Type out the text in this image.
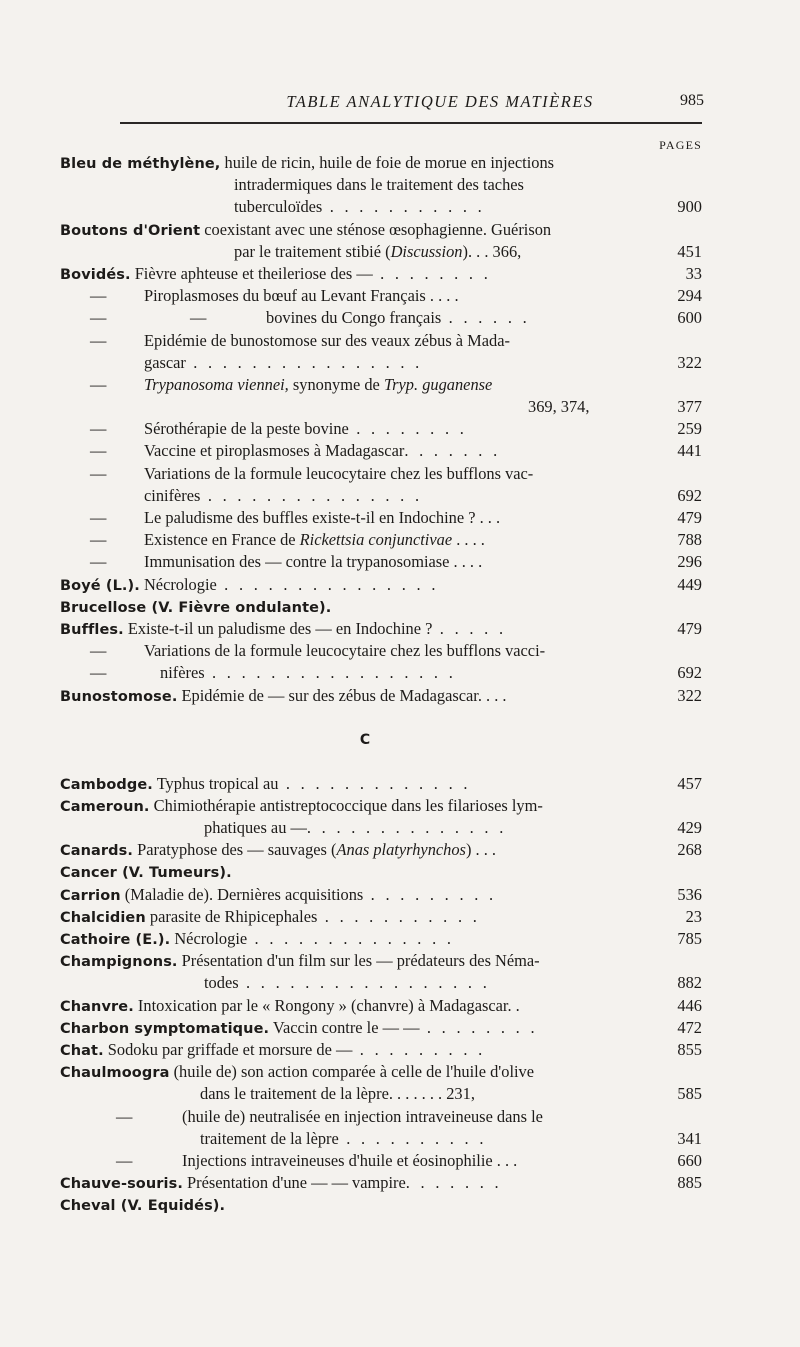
TABLE ANALYTIQUE DES MATIÈRES	985
PAGES
Bleu de méthylène, huile de ricin, huile de foie de morue en injections
intradermiques dans le traitement des taches
tuberculoïdes . . . . . . . . . . .	900
Boutons d'Orient coexistant avec une sténose œsophagienne. Guérison
par le traitement stibié (Discussion). . . 366,	451
Bovidés. Fièvre aphteuse et theileriose des — . . . . . . . .	33
— Piroplasmoses du bœuf au Levant Français . . . .	294
—	—	bovines du Congo français . . . . . .	600
— Epidémie de bunostomose sur des veaux zébus à Mada-
gascar . . . . . . . . . . . . . . . .	322
— Trypanosoma viennei, synonyme de Tryp. guganense
369, 374,	377
— Sérothérapie de la peste bovine . . . . . . . .	259
— Vaccine et piroplasmoses à Madagascar. . . . . . .	441
— Variations de la formule leucocytaire chez les bufflons vac-
cinifères . . . . . . . . . . . . . . .	692
— Le paludisme des buffles existe-t-il en Indochine ? . . .	479
— Existence en France de Rickettsia conjunctivae . . . .	788
— Immunisation des — contre la trypanosomiase . . . .	296
Boyé (L.). Nécrologie . . . . . . . . . . . . . . .	449
Brucellose (V. Fièvre ondulante).
Buffles. Existe-t-il un paludisme des — en Indochine ? . . . . .	479
— Variations de la formule leucocytaire chez les bufflons vacci-
—	nifères . . . . . . . . . . . . . . . . .	692
Bunostomose. Epidémie de — sur des zébus de Madagascar. . . .	322
C
Cambodge. Typhus tropical au . . . . . . . . . . . . .	457
Cameroun. Chimiothérapie antistreptococcique dans les filarioses lym-
phatiques au —. . . . . . . . . . . . . .	429
Canards. Paratyphose des — sauvages (Anas platyrhynchos) . . .	268
Cancer (V. Tumeurs).
Carrion (Maladie de). Dernières acquisitions . . . . . . . . .	536
Chalcidien parasite de Rhipicephales . . . . . . . . . . .	23
Cathoire (E.). Nécrologie . . . . . . . . . . . . . .	785
Champignons. Présentation d'un film sur les — prédateurs des Néma-
todes . . . . . . . . . . . . . . . . .	882
Chanvre. Intoxication par le « Rongony » (chanvre) à Madagascar. .	446
Charbon symptomatique. Vaccin contre le — — . . . . . . . .	472
Chat. Sodoku par griffade et morsure de — . . . . . . . . .	855
Chaulmoogra (huile de) son action comparée à celle de l'huile d'olive
dans le traitement de la lèpre. . . . . . . 231,	585
—	(huile de) neutralisée en injection intraveineuse dans le
traitement de la lèpre . . . . . . . . . .	341
—	Injections intraveineuses d'huile et éosinophilie . . .	660
Chauve-souris. Présentation d'une — — vampire. . . . . . .	885
Cheval (V. Equidés).
